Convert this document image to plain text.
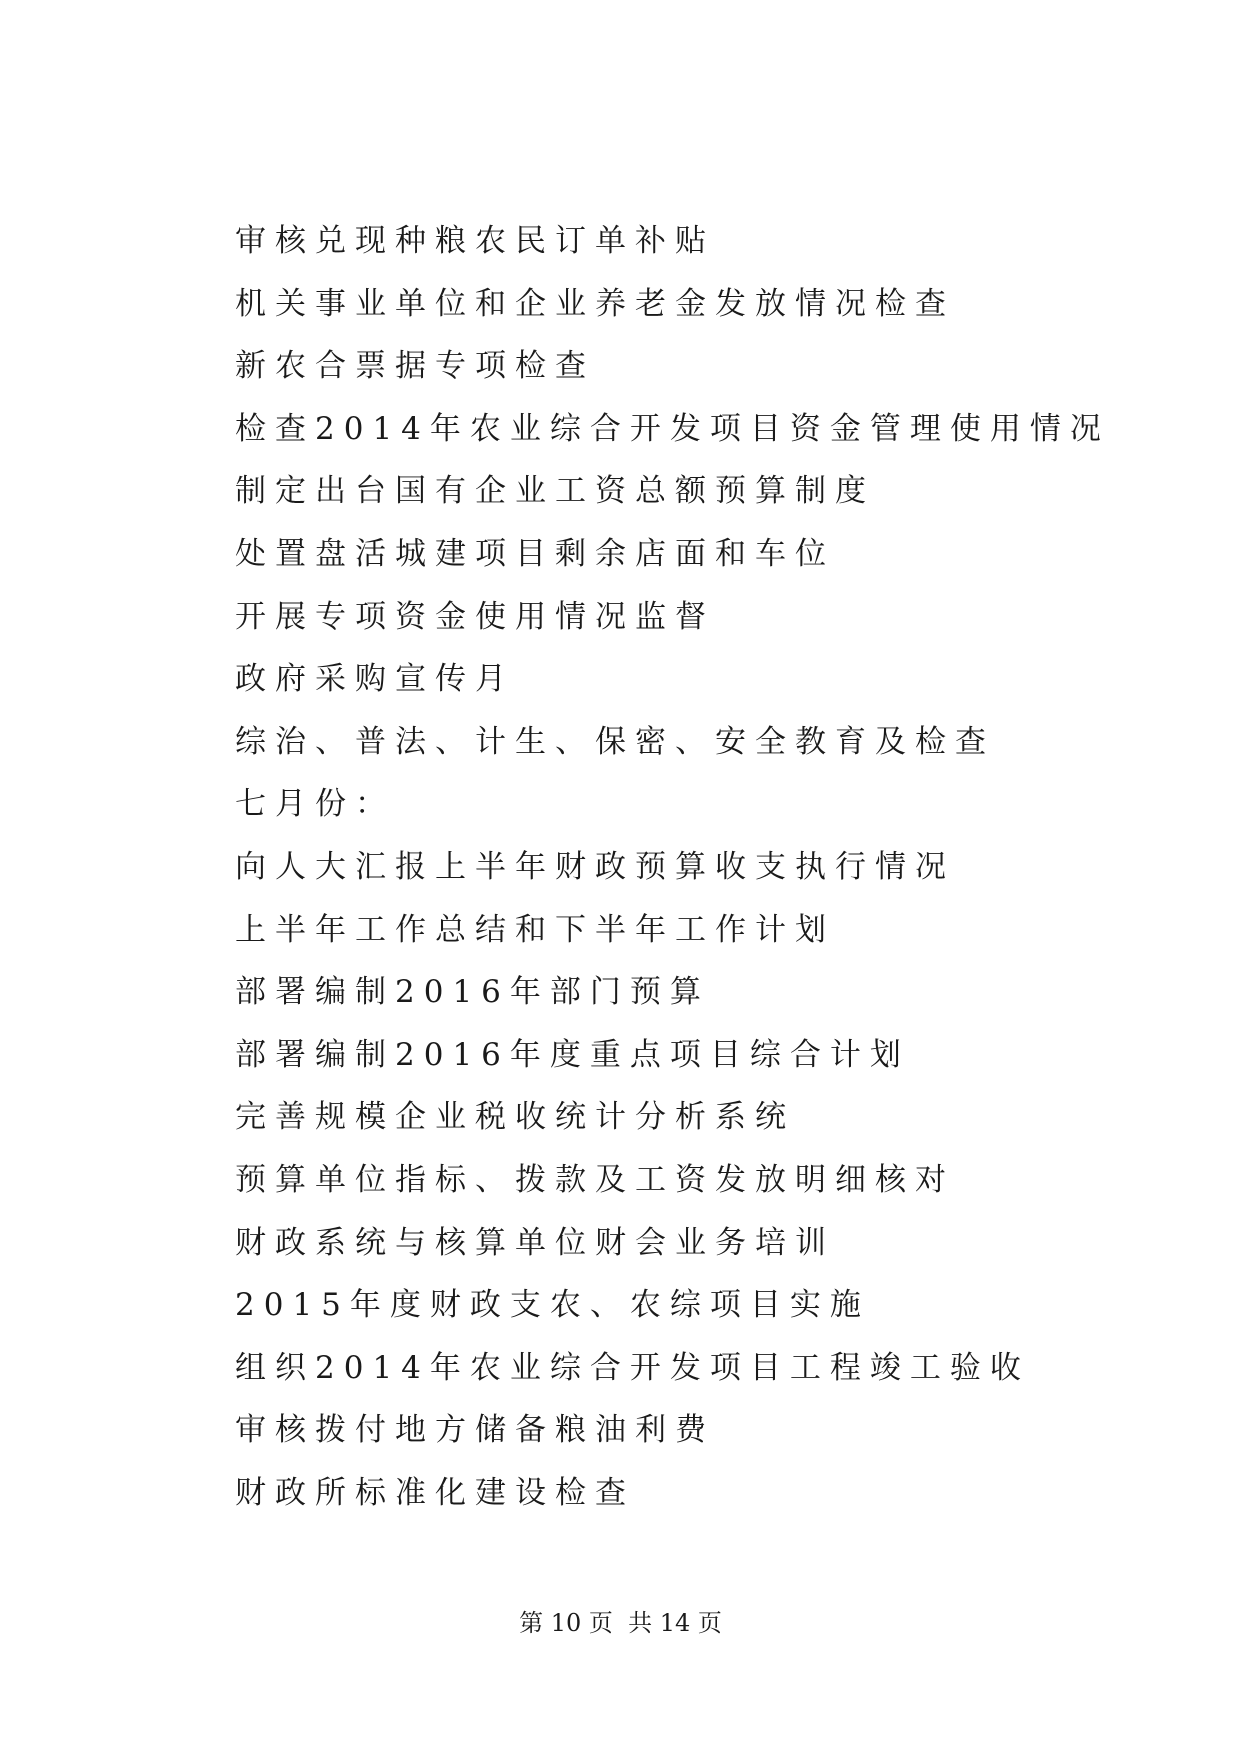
审核兑现种粮农民订单补贴
机关事业单位和企业养老金发放情况检查
新农合票据专项检查
检查2014年农业综合开发项目资金管理使用情况
制定出台国有企业工资总额预算制度
处置盘活城建项目剩余店面和车位
开展专项资金使用情况监督
政府采购宣传月
综治、普法、计生、保密、安全教育及检查
七月份：
向人大汇报上半年财政预算收支执行情况
上半年工作总结和下半年工作计划
部署编制2016年部门预算
部署编制2016年度重点项目综合计划
完善规模企业税收统计分析系统
预算单位指标、拨款及工资发放明细核对
财政系统与核算单位财会业务培训
2015年度财政支农、农综项目实施
组织2014年农业综合开发项目工程竣工验收
审核拨付地方储备粮油利费
财政所标准化建设检查
第 10 页  共 14 页
